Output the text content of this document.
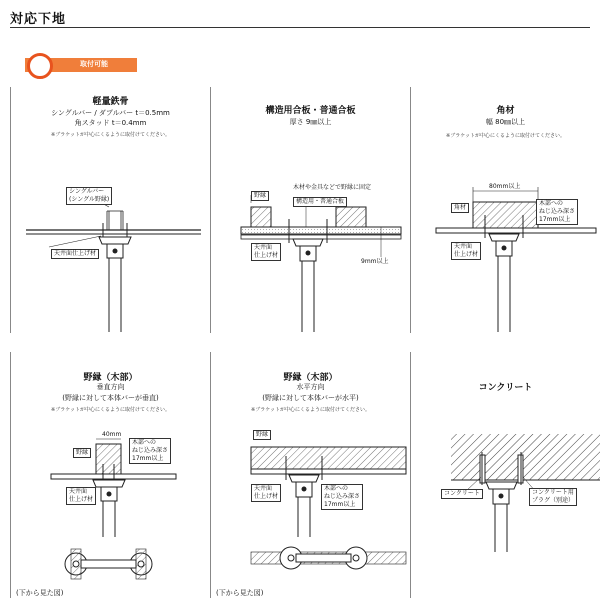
対応下地
取付可能
軽量鉄骨
シングルバー / ダブルバー t＝0.5mm
角スタッド t＝0.4mm
※ブラケットが中心にくるように取付けてください。
シングルバー
(シングル野縁)
天井面仕上げ材
構造用合板・普通合板
厚さ 9㎜以上
野縁
木材や金具などで野縁に固定
構造用・普通合板
天井面
仕上げ材
9mm以上
角材
幅 80㎜以上
※ブラケットが中心にくるように取付けてください。
80mm以上
角材
木部への
ねじ込み深さ
17mm以上
天井面
仕上げ材
野縁（木部）
垂直方向
(野縁に対して本体バーが垂直)
※ブラケットが中心にくるように取付けてください。
40mm
野縁
木部への
ねじ込み深さ
17mm以上
天井面
仕上げ材
(下から見た図)
野縁（木部）
水平方向
(野縁に対して本体バーが水平)
※ブラケットが中心にくるように取付けてください。
野縁
木部への
ねじ込み深さ
17mm以上
天井面
仕上げ材
(下から見た図)
コンクリート
コンクリート	コンクリート用
プラグ（別途）
